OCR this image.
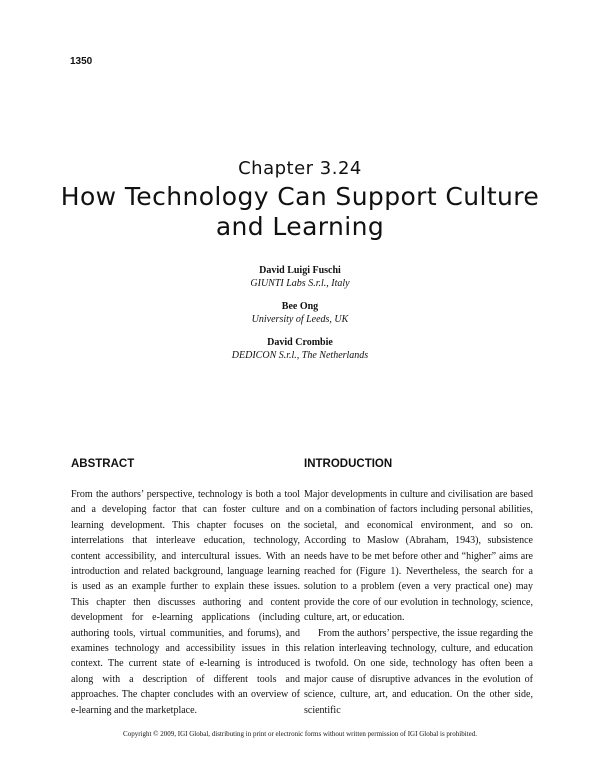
1350
Chapter 3.24
How Technology Can Support Culture and Learning
David Luigi Fuschi
GIUNTI Labs S.r.l., Italy
Bee Ong
University of Leeds, UK
David Crombie
DEDICON S.r.l., The Netherlands
ABSTRACT	INTRODUCTION

From the authors’ perspective, technology is both a tool and a developing factor that can foster culture and learning development. This chapter focuses on the interrelations that interleave education, technology, content accessibility, and intercultural issues. With an introduction and related background, language learning is used as an example further to explain these issues. This chapter then discusses authoring and content development for e-learning applications (including authoring tools, virtual communities, and forums), and examines technology and accessibility issues in this context. The current state of e-learning is introduced along with a description of different tools and approaches. The chapter concludes with an overview of e-learning and the marketplace.

Major developments in culture and civilisation are based on a combination of factors including personal abilities, societal, and economical environment, and so on. According to Maslow (Abraham, 1943), subsistence needs have to be met before other and “higher” aims are reached for (Figure 1). Nevertheless, the search for a solution to a problem (even a very practical one) may provide the core of our evolution in technology, science, culture, art, or education.

From the authors’ perspective, the issue regarding the relation interleaving technology, culture, and education is twofold. On one side, technology has often been a major cause of disruptive advances in the evolution of science, culture, art, and education. On the other side, scientific

Copyright © 2009, IGI Global, distributing in print or electronic forms without written permission of IGI Global is prohibited.
